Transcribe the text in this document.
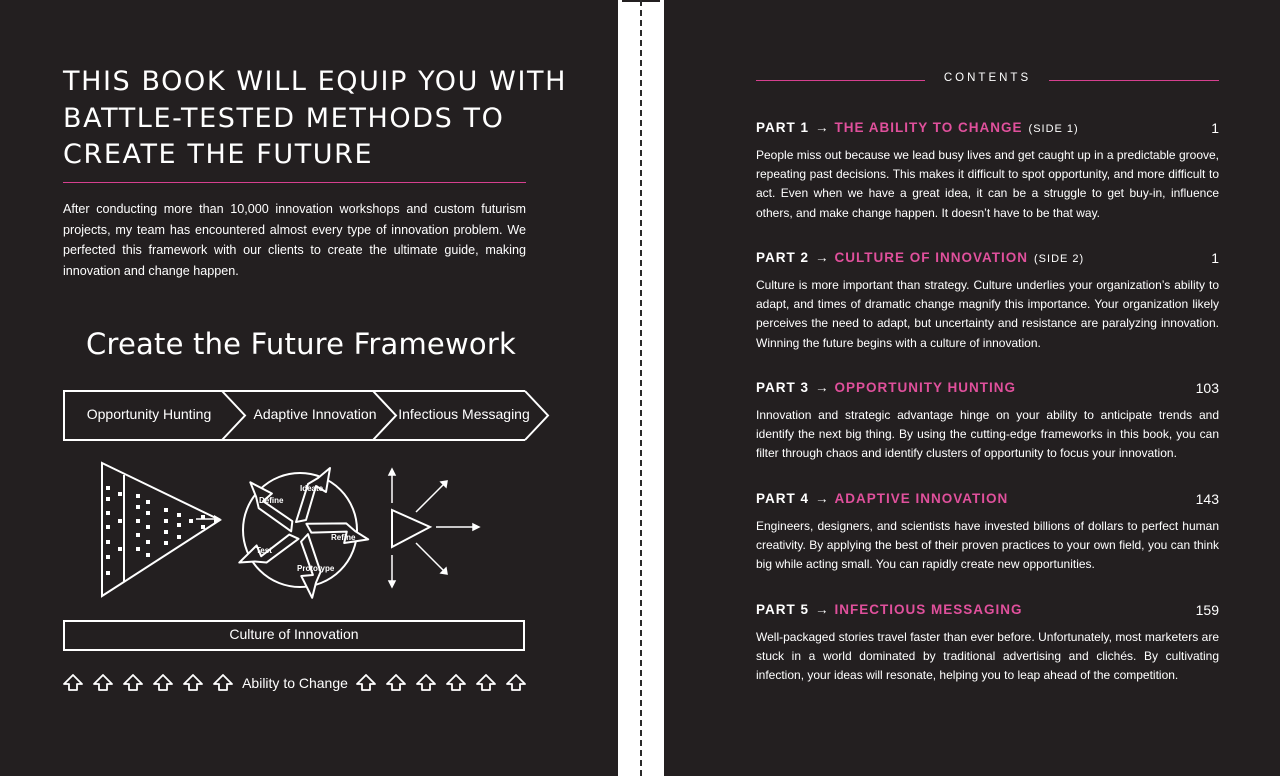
THIS BOOK WILL EQUIP YOU WITH
BATTLE-TESTED METHODS TO
CREATE THE FUTURE

After conducting more than 10,000 innovation workshops and custom futurism projects, my team has encountered almost every type of innovation problem. We perfected this framework with our clients to create the ultimate guide, making innovation and change happen.

Create the Future Framework
Opportunity Hunting	Adaptive Innovation	Infectious Messaging
Define
Ideate
Refine
Prototype
Test
Culture of Innovation
Ability to Change
CONTENTS
PART 1 → THE ABILITY TO CHANGE (SIDE 1)	1

People miss out because we lead busy lives and get caught up in a predictable groove, repeating past decisions. This makes it difficult to spot opportunity, and more difficult to act. Even when we have a great idea, it can be a struggle to get buy-in, influence others, and make change happen. It doesn’t have to be that way.

PART 2 → CULTURE OF INNOVATION (SIDE 2)	1

Culture is more important than strategy. Culture underlies your organization’s ability to adapt, and times of dramatic change magnify this importance. Your organization likely perceives the need to adapt, but uncertainty and resistance are paralyzing innovation. Winning the future begins with a culture of innovation.

PART 3 → OPPORTUNITY HUNTING	103

Innovation and strategic advantage hinge on your ability to anticipate trends and identify the next big thing. By using the cutting-edge frameworks in this book, you can filter through chaos and identify clusters of opportunity to focus your innovation.

PART 4 → ADAPTIVE INNOVATION	143

Engineers, designers, and scientists have invested billions of dollars to perfect human creativity. By applying the best of their proven practices to your own field, you can think big while acting small. You can rapidly create new opportunities.

PART 5 → INFECTIOUS MESSAGING	159

Well-packaged stories travel faster than ever before. Unfortunately, most marketers are stuck in a world dominated by traditional advertising and clichés. By cultivating infection, your ideas will resonate, helping you to leap ahead of the competition.
